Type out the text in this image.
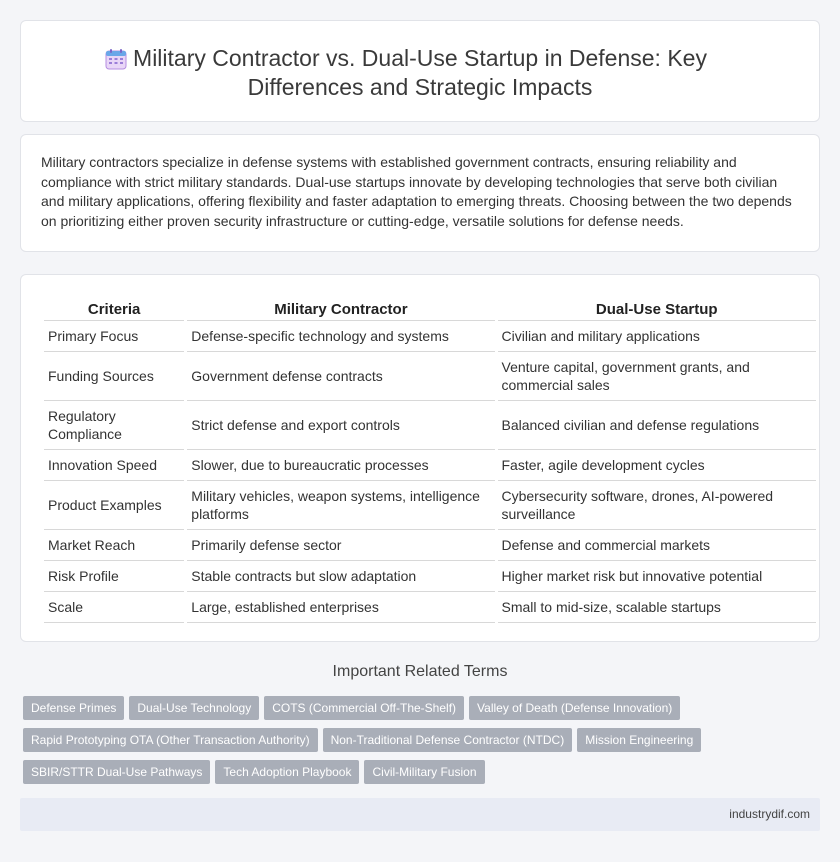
Military Contractor vs. Dual-Use Startup in Defense: Key Differences and Strategic Impacts

Military contractors specialize in defense systems with established government contracts, ensuring reliability and compliance with strict military standards. Dual-use startups innovate by developing technologies that serve both civilian and military applications, offering flexibility and faster adaptation to emerging threats. Choosing between the two depends on prioritizing either proven security infrastructure or cutting-edge, versatile solutions for defense needs.

Criteria	Military Contractor	Dual-Use Startup
Primary Focus	Defense-specific technology and systems	Civilian and military applications
Funding Sources	Government defense contracts	Venture capital, government grants, and commercial sales
Regulatory Compliance	Strict defense and export controls	Balanced civilian and defense regulations
Innovation Speed	Slower, due to bureaucratic processes	Faster, agile development cycles
Product Examples	Military vehicles, weapon systems, intelligence platforms	Cybersecurity software, drones, AI-powered surveillance
Market Reach	Primarily defense sector	Defense and commercial markets
Risk Profile	Stable contracts but slow adaptation	Higher market risk but innovative potential
Scale	Large, established enterprises	Small to mid-size, scalable startups
Important Related Terms
Defense Primes Dual-Use Technology COTS (Commercial Off-The-Shelf) Valley of Death (Defense Innovation)
Rapid Prototyping OTA (Other Transaction Authority) Non-Traditional Defense Contractor (NTDC) Mission Engineering
SBIR/STTR Dual-Use Pathways Tech Adoption Playbook Civil-Military Fusion
industrydif.com
